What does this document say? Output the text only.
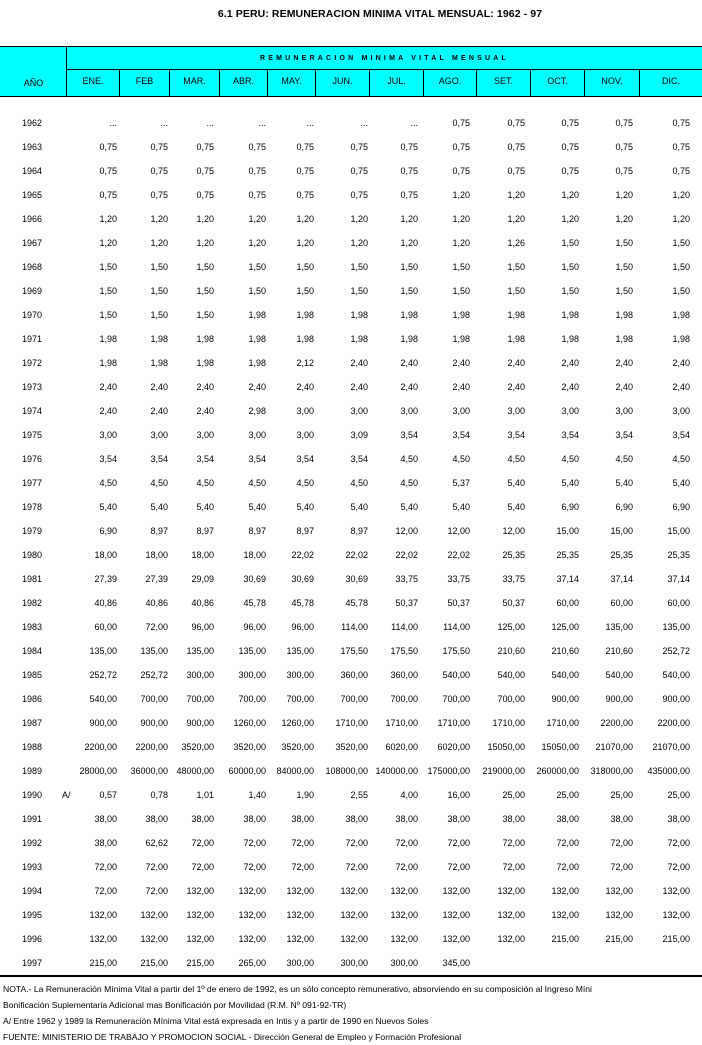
6.1 PERU: REMUNERACION MINIMA VITAL MENSUAL: 1962 - 97
AÑO
REMUNERACION MINIMA VITAL MENSUAL
ENE.	FEB	MAR.	ABR.	MAY.	JUN.	JUL.	AGO.	SET.	OCT.	NOV.	DIC.
1962	...	...	...	...	...	...	...	0,75	0,75	0,75	0,75	0,75
1963	0,75	0,75	0,75	0,75	0,75	0,75	0,75	0,75	0,75	0,75	0,75	0,75
1964	0,75	0,75	0,75	0,75	0,75	0,75	0,75	0,75	0,75	0,75	0,75	0,75
1965	0,75	0,75	0,75	0,75	0,75	0,75	0,75	1,20	1,20	1,20	1,20	1,20
1966	1,20	1,20	1,20	1,20	1,20	1,20	1,20	1,20	1,20	1,20	1,20	1,20
1967	1,20	1,20	1,20	1,20	1,20	1,20	1,20	1,20	1,26	1,50	1,50	1,50
1968	1,50	1,50	1,50	1,50	1,50	1,50	1,50	1,50	1,50	1,50	1,50	1,50
1969	1,50	1,50	1,50	1,50	1,50	1,50	1,50	1,50	1,50	1,50	1,50	1,50
1970	1,50	1,50	1,50	1,98	1,98	1,98	1,98	1,98	1,98	1,98	1,98	1,98
1971	1,98	1,98	1,98	1,98	1,98	1,98	1,98	1,98	1,98	1,98	1,98	1,98
1972	1,98	1,98	1,98	1,98	2,12	2,40	2,40	2,40	2,40	2,40	2,40	2,40
1973	2,40	2,40	2,40	2,40	2,40	2,40	2,40	2,40	2,40	2,40	2,40	2,40
1974	2,40	2,40	2,40	2,98	3,00	3,00	3,00	3,00	3,00	3,00	3,00	3,00
1975	3,00	3,00	3,00	3,00	3,00	3,09	3,54	3,54	3,54	3,54	3,54	3,54
1976	3,54	3,54	3,54	3,54	3,54	3,54	4,50	4,50	4,50	4,50	4,50	4,50
1977	4,50	4,50	4,50	4,50	4,50	4,50	4,50	5,37	5,40	5,40	5,40	5,40
1978	5,40	5,40	5,40	5,40	5,40	5,40	5,40	5,40	5,40	6,90	6,90	6,90
1979	6,90	8,97	8,97	8,97	8,97	8,97	12,00	12,00	12,00	15,00	15,00	15,00
1980	18,00	18,00	18,00	18,00	22,02	22,02	22,02	22,02	25,35	25,35	25,35	25,35
1981	27,39	27,39	29,09	30,69	30,69	30,69	33,75	33,75	33,75	37,14	37,14	37,14
1982	40,86	40,86	40,86	45,78	45,78	45,78	50,37	50,37	50,37	60,00	60,00	60,00
1983	60,00	72,00	96,00	96,00	96,00	114,00	114,00	114,00	125,00	125,00	135,00	135,00
1984	135,00	135,00 135,00	135,00 135,00	175,50 175,50	175,50	210,60	210,60	210,60	252,72
1985	252,72	252,72 300,00	300,00 300,00	360,00 360,00	540,00	540,00	540,00	540,00	540,00
1986	540,00	700,00 700,00	700,00 700,00	700,00 700,00	700,00	700,00	900,00	900,00	900,00
1987	900,00	900,00 900,00 1260,00 1260,00 1710,00 1710,00 1710,00 1710,00 1710,00 2200,00	2200,00
1988	2200,00 2200,00 3520,00 3520,00 3520,00 3520,00 6020,00 6020,00 15050,00 15050,00 21070,00 21070,00
1989	28000,00 36000,00 48000,00 60000,00 84000,00 108000,00 140000,00 175000,00 219000,00 260000,00 318000,00 435000,00
1990 A/	0,57	0,78	1,01	1,40	1,90	2,55	4,00	16,00	25,00	25,00	25,00	25,00
1991	38,00	38,00	38,00	38,00	38,00	38,00	38,00	38,00	38,00	38,00	38,00	38,00
1992	38,00	62,62	72,00	72,00	72,00	72,00	72,00	72,00	72,00	72,00	72,00	72,00
1993	72,00	72,00	72,00	72,00	72,00	72,00	72,00	72,00	72,00	72,00	72,00	72,00
1994	72,00	72,00 132,00	132,00 132,00	132,00 132,00	132,00	132,00	132,00	132,00	132,00
1995	132,00	132,00 132,00	132,00 132,00	132,00 132,00	132,00	132,00	132,00	132,00	132,00
1996	132,00	132,00 132,00	132,00 132,00	132,00 132,00	132,00	132,00	215,00	215,00	215,00
1997	215,00	215,00 215,00	265,00 300,00	300,00 300,00	345,00
NOTA.- La Remuneración Mínima Vital a partir del 1º de enero de 1992, es un sólo concepto remunerativo, absorviendo en su composición al Ingreso Míni
Bonificación Suplementaria Adicional mas Bonificación por Movilidad (R.M. Nº 091-92-TR)
A/ Entre 1962 y 1989 la Remuneración Mínima Vital está expresada en Intis y a partir de 1990 en Nuevos Soles
FUENTE: MINISTERIO DE TRABAJO Y PROMOCION SOCIAL - Dirección General de Empleo y Formación Profesional
